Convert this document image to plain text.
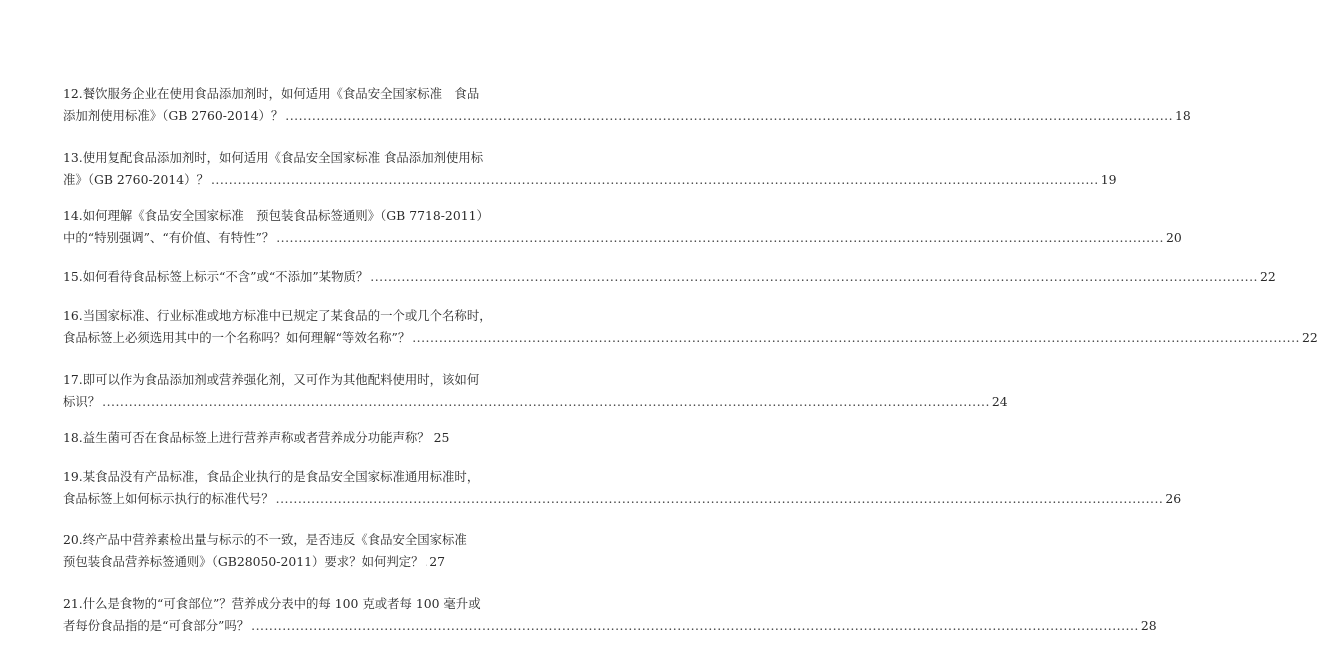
12.餐饮服务企业在使用食品添加剂时，如何适用《食品安全国家标准　食品
添加剂使用标准》（GB 2760-2014）？ ........................................................................................................................................................................................................ 18
13.使用复配食品添加剂时，如何适用《食品安全国家标准 食品添加剂使用标
准》（GB 2760-2014）？ ........................................................................................................................................................................................................ 19
14.如何理解《食品安全国家标准　预包装食品标签通则》（GB 7718-2011）
中的“特别强调”、“有价值、有特性”？ ........................................................................................................................................................................................................ 20
15.如何看待食品标签上标示“不含”或“不添加”某物质？ ........................................................................................................................................................................................................ 22
16.当国家标准、行业标准或地方标准中已规定了某食品的一个或几个名称时，
食品标签上必须选用其中的一个名称吗？如何理解“等效名称”？ ........................................................................................................................................................................................................ 22
17.即可以作为食品添加剂或营养强化剂，又可作为其他配料使用时，该如何
标识？ ........................................................................................................................................................................................................ 24
18.益生菌可否在食品标签上进行营养声称或者营养成分功能声称？ 25
19.某食品没有产品标准，食品企业执行的是食品安全国家标准通用标准时，
食品标签上如何标示执行的标准代号？ ........................................................................................................................................................................................................ 26
20.终产品中营养素检出量与标示的不一致，是否违反《食品安全国家标准
预包装食品营养标签通则》（GB28050-2011）要求？如何判定？ 27
21.什么是食物的“可食部位”？营养成分表中的每 100 克或者每 100 毫升或
者每份食品指的是“可食部分”吗？ ........................................................................................................................................................................................................ 28
